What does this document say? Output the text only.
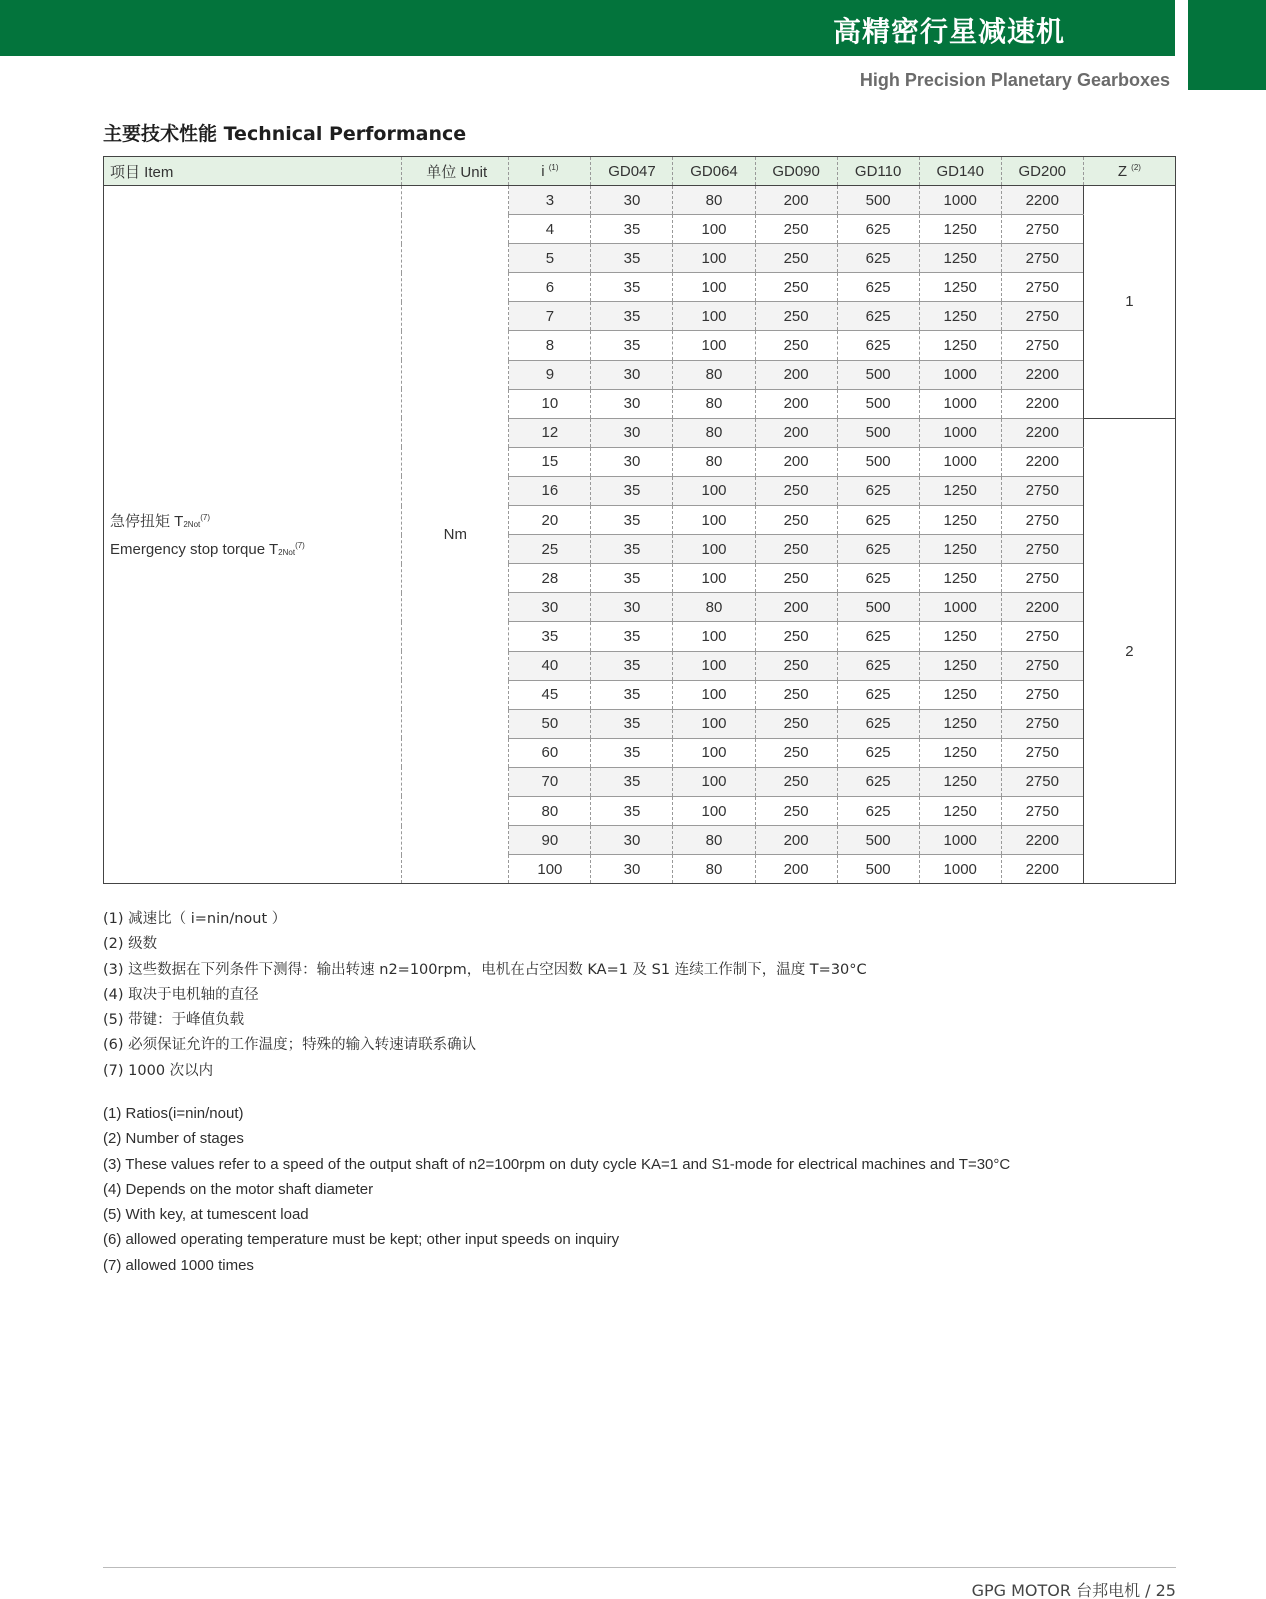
高精密行星减速机
High Precision Planetary Gearboxes
主要技术性能 Technical Performance
项目 Item	单位 Unit	i $^{(1)}$	GD047	GD064	GD090	GD110	GD140	GD200	Z $^{(2)}$
急停扭矩 $T_{2Not}^{(7)}$
Emergency stop torque $T_{2Not}^{(7)}$	Nm	3	30	80	200	500	1000	2200	1
		4	35	100	250	625	1250	2750	
		5	35	100	250	625	1250	2750	
		6	35	100	250	625	1250	2750	
		7	35	100	250	625	1250	2750	
		8	35	100	250	625	1250	2750	
		9	30	80	200	500	1000	2200	
		10	30	80	200	500	1000	2200	
		12	30	80	200	500	1000	2200	2
		15	30	80	200	500	1000	2200	
		16	35	100	250	625	1250	2750	
		20	35	100	250	625	1250	2750	
		25	35	100	250	625	1250	2750	
		28	35	100	250	625	1250	2750	
		30	30	80	200	500	1000	2200	
		35	35	100	250	625	1250	2750	
		40	35	100	250	625	1250	2750	
		45	35	100	250	625	1250	2750	
		50	35	100	250	625	1250	2750	
		60	35	100	250	625	1250	2750	
		70	35	100	250	625	1250	2750	
		80	35	100	250	625	1250	2750	
		90	30	80	200	500	1000	2200	
		100	30	80	200	500	1000	2200	
(1) 减速比（ i=nin/nout ）
(2) 级数
(3) 这些数据在下列条件下测得：输出转速 n2=100rpm，电机在占空因数 KA=1 及 S1 连续工作制下，温度 T=30°C
(4) 取决于电机轴的直径
(5) 带键：于峰值负载
(6) 必须保证允许的工作温度；特殊的输入转速请联系确认
(7) 1000 次以内
(1) Ratios(i=nin/nout)
(2) Number of stages
(3) These values refer to a speed of the output shaft of n2=100rpm on duty cycle KA=1 and S1-mode for electrical machines and T=30°C
(4) Depends on the motor shaft diameter
(5) With key, at tumescent load
(6) allowed operating temperature must be kept; other input speeds on inquiry
(7) allowed 1000 times
GPG MOTOR 台邦电机 / 25
